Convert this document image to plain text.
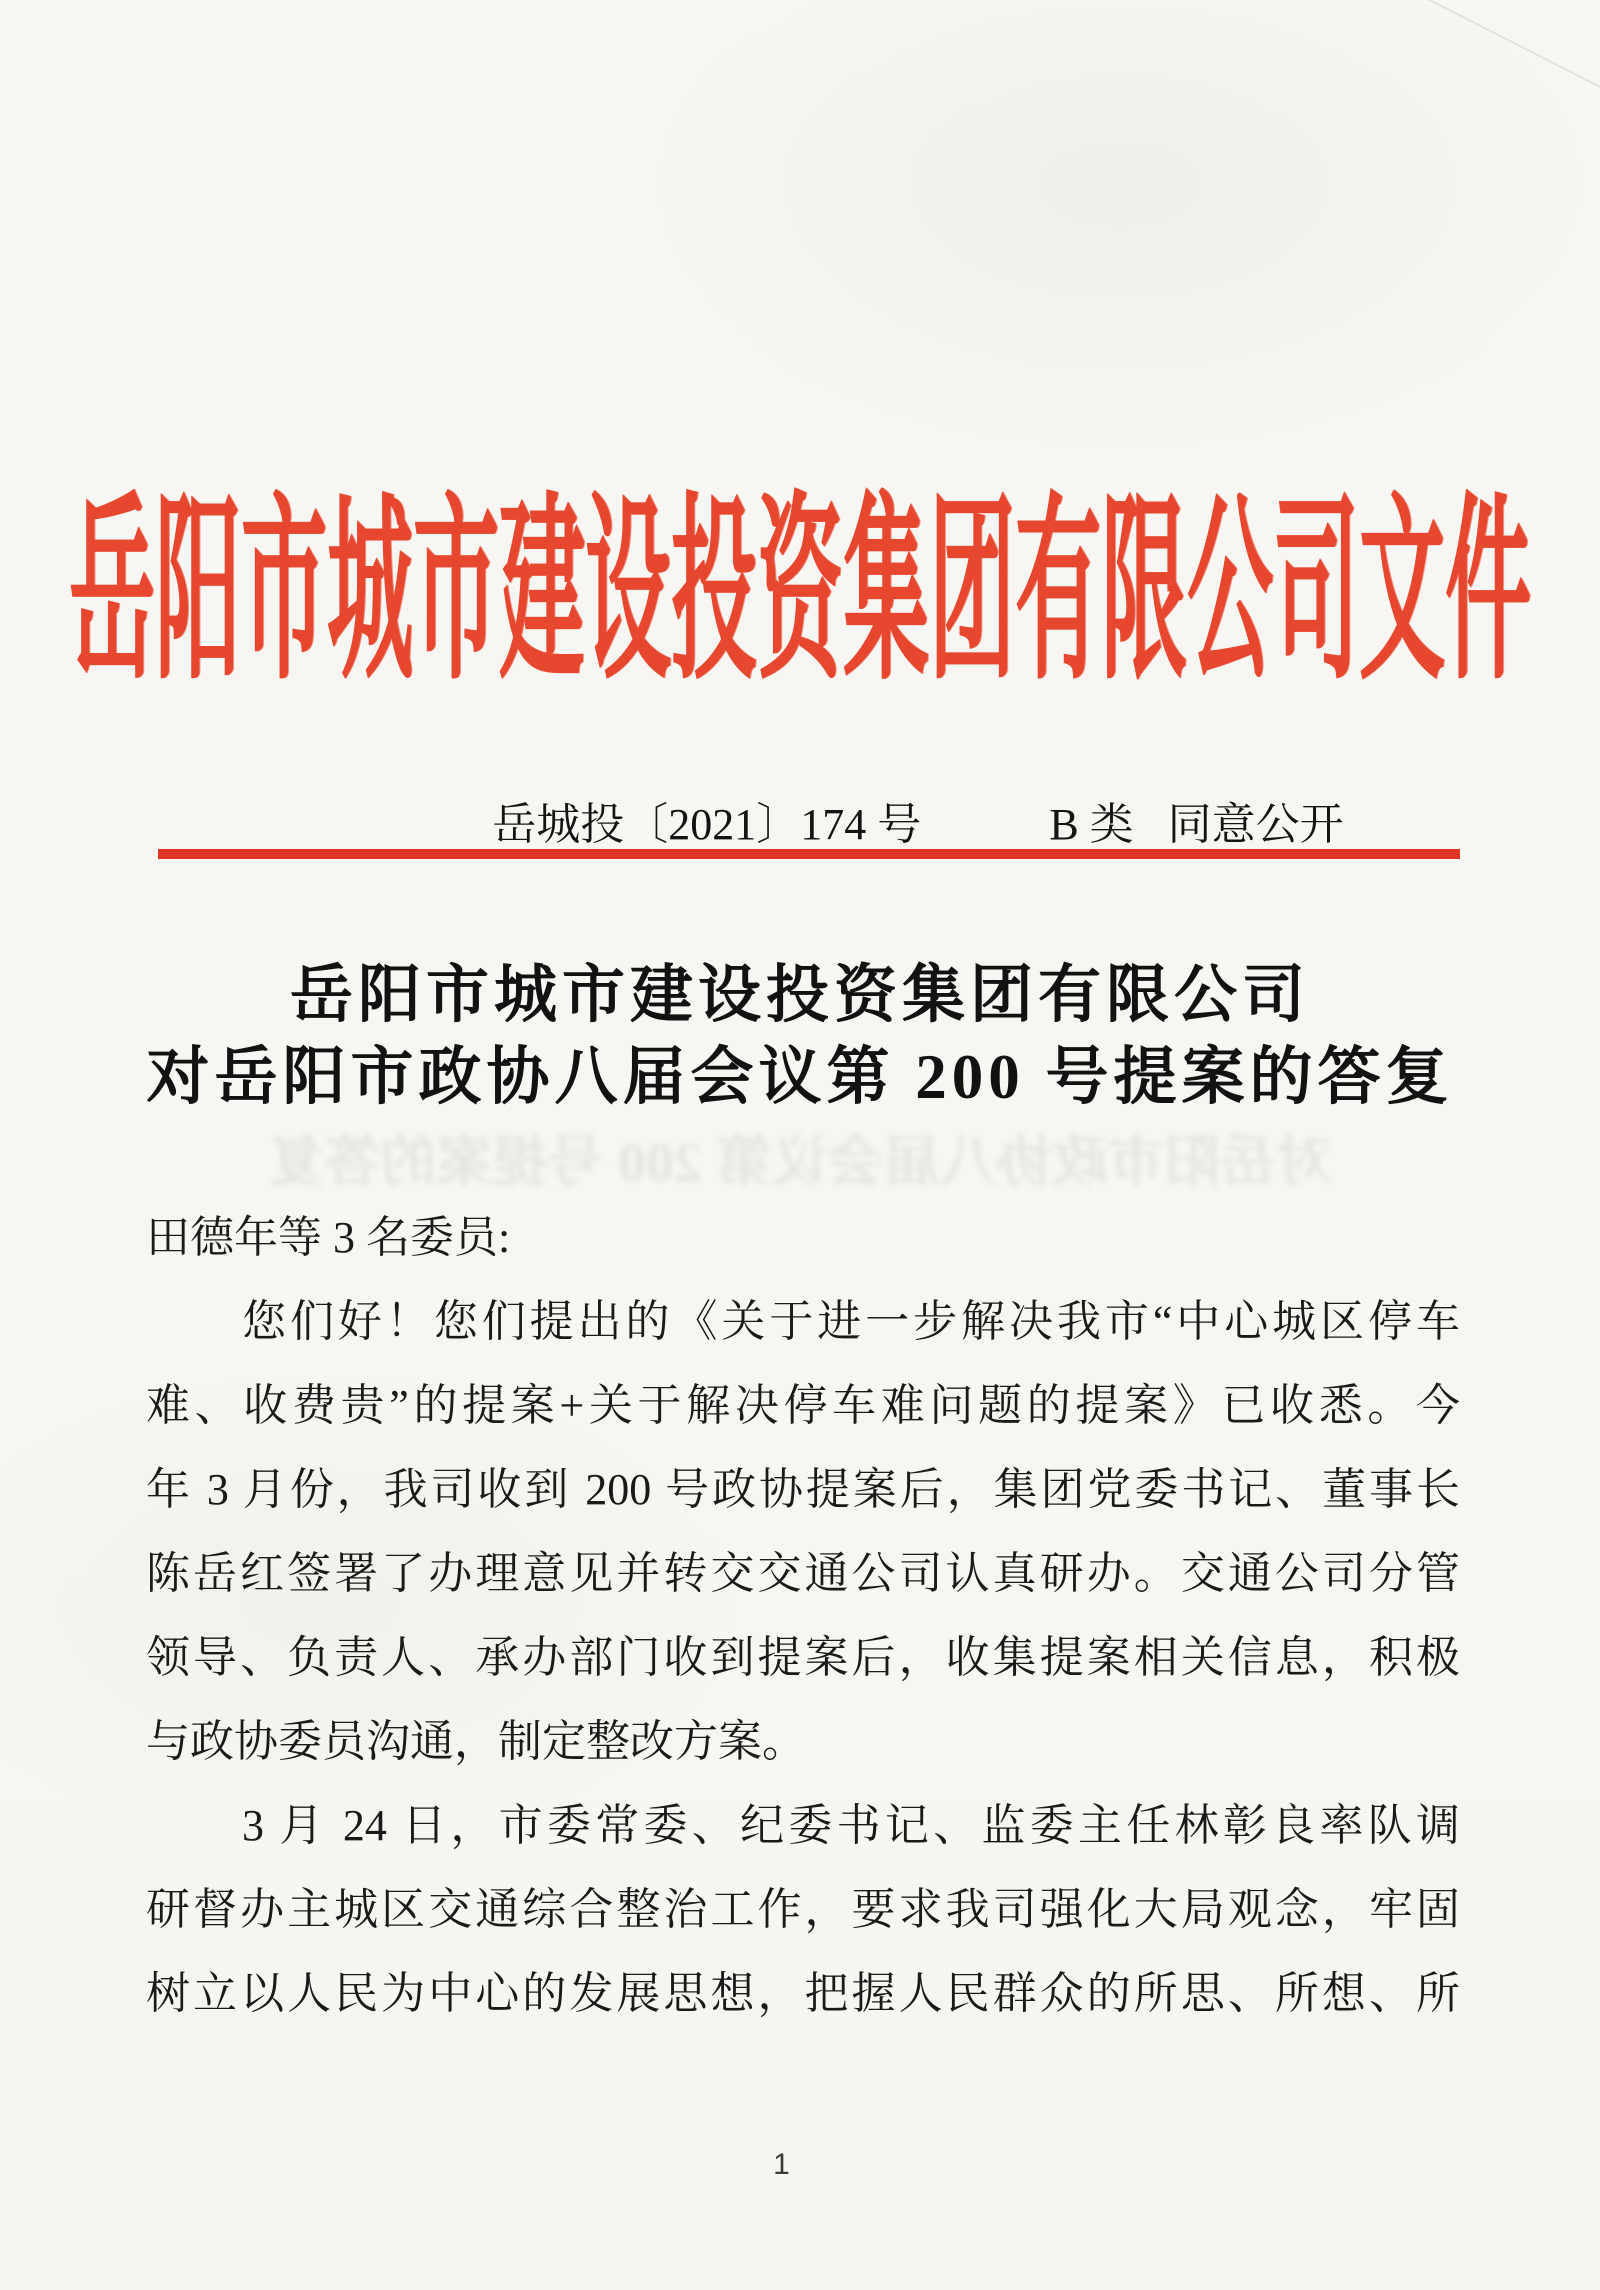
岳阳市城市建设投资集团有限公司文件
岳城投〔2021〕174 号	B 类 同意公开
岳阳市城市建设投资集团有限公司
对岳阳市政协八届会议第 200 号提案的答复
对岳阳市政协八届会议第 200 号提案的答复
田德年等 3 名委员:
您们好！您们提出的《关于进一步解决我市“中心城区停车
难、收费贵”的提案+关于解决停车难问题的提案》已收悉。今
年 3 月份，我司收到 200 号政协提案后，集团党委书记、董事长
陈岳红签署了办理意见并转交交通公司认真研办。交通公司分管
领导、负责人、承办部门收到提案后，收集提案相关信息，积极
与政协委员沟通，制定整改方案。
3 月 24 日，市委常委、纪委书记、监委主任林彰良率队调
研督办主城区交通综合整治工作，要求我司强化大局观念，牢固
树立以人民为中心的发展思想，把握人民群众的所思、所想、所
1
